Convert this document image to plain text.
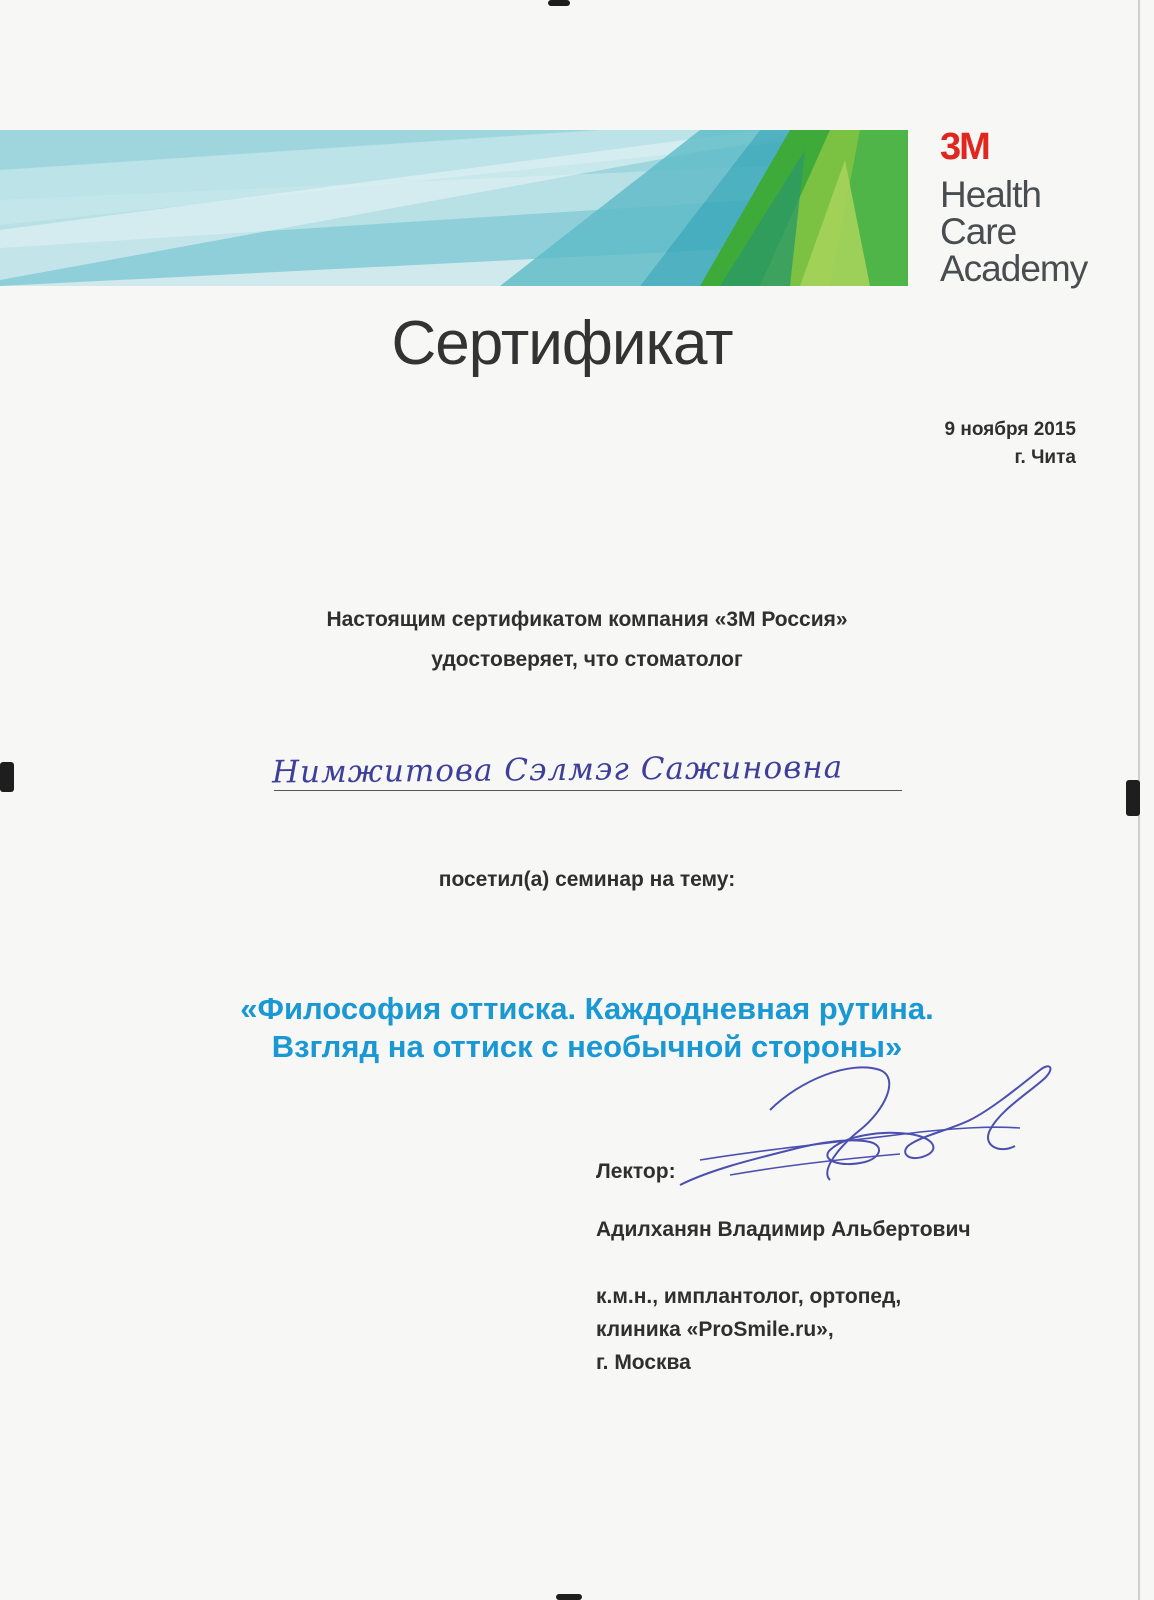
3M
Health
Care
Academy
Сертификат
9 ноября 2015
г. Чита
Настоящим сертификатом компания «3М Россия»
удостоверяет, что стоматолог
Нимжитова Сэлмэг Сажиновна
посетил(а) семинар на тему:
«Философия оттиска. Каждодневная рутина.
Взгляд на оттиск с необычной стороны»
Лектор:
Адилханян Владимир Альбертович
к.м.н., имплантолог, ортопед,
клиника «ProSmile.ru»,
г. Москва
